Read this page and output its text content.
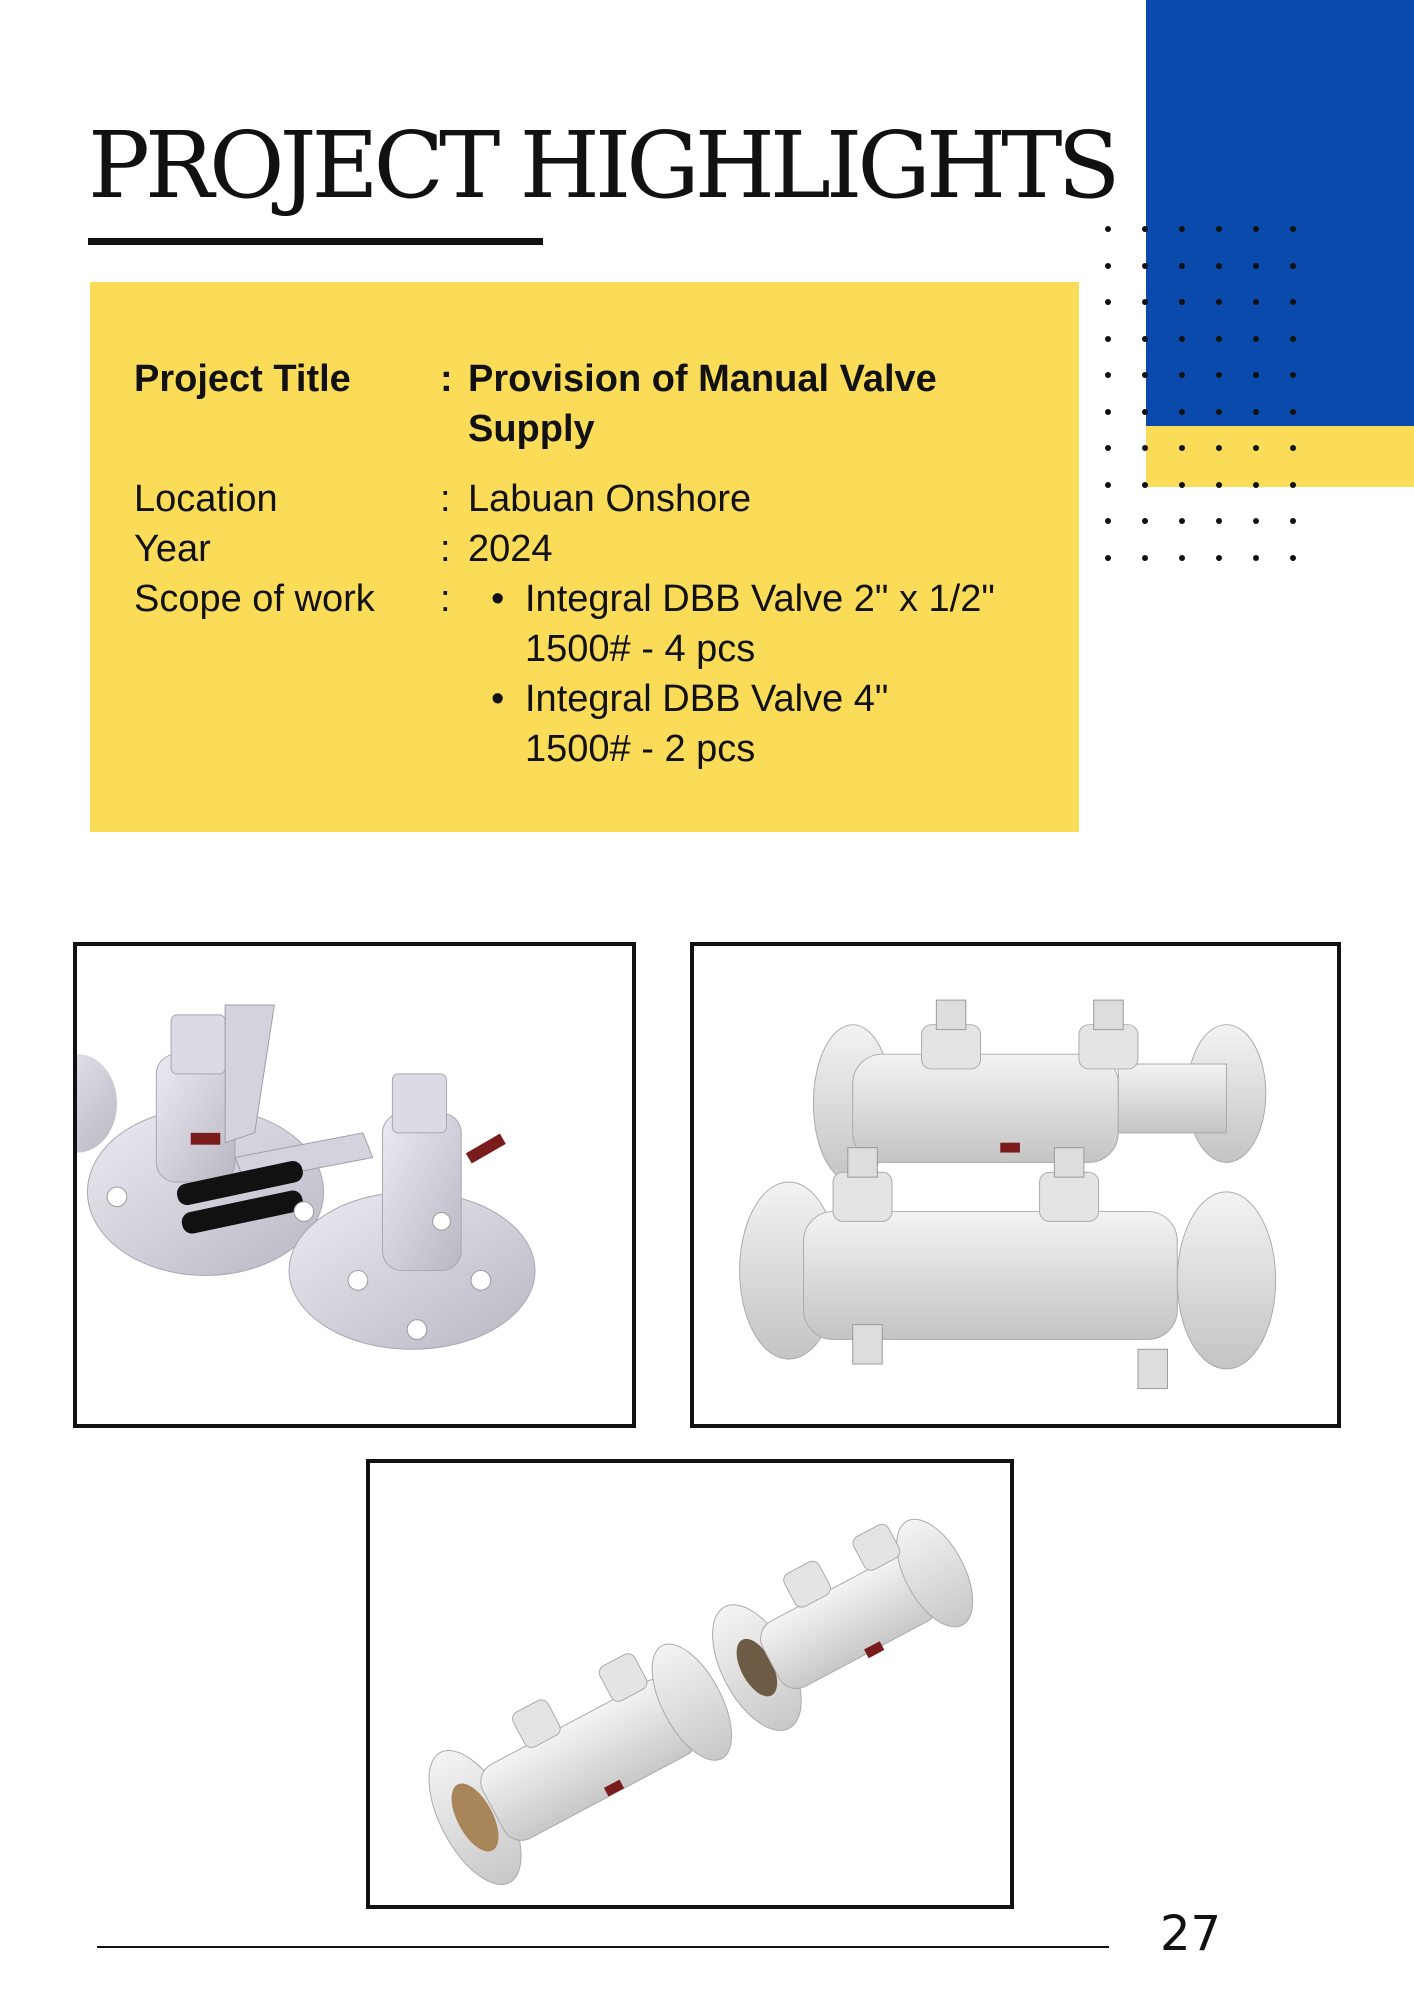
PROJECT HIGHLIGHTS
Project Title : Provision of Manual Valve
Supply
Location	: Labuan Onshore
Year	: 2024
Scope of work : • Integral DBB Valve 2" x 1/2"
1500# - 4 pcs
• Integral DBB Valve 4"
1500# - 2 pcs
27
